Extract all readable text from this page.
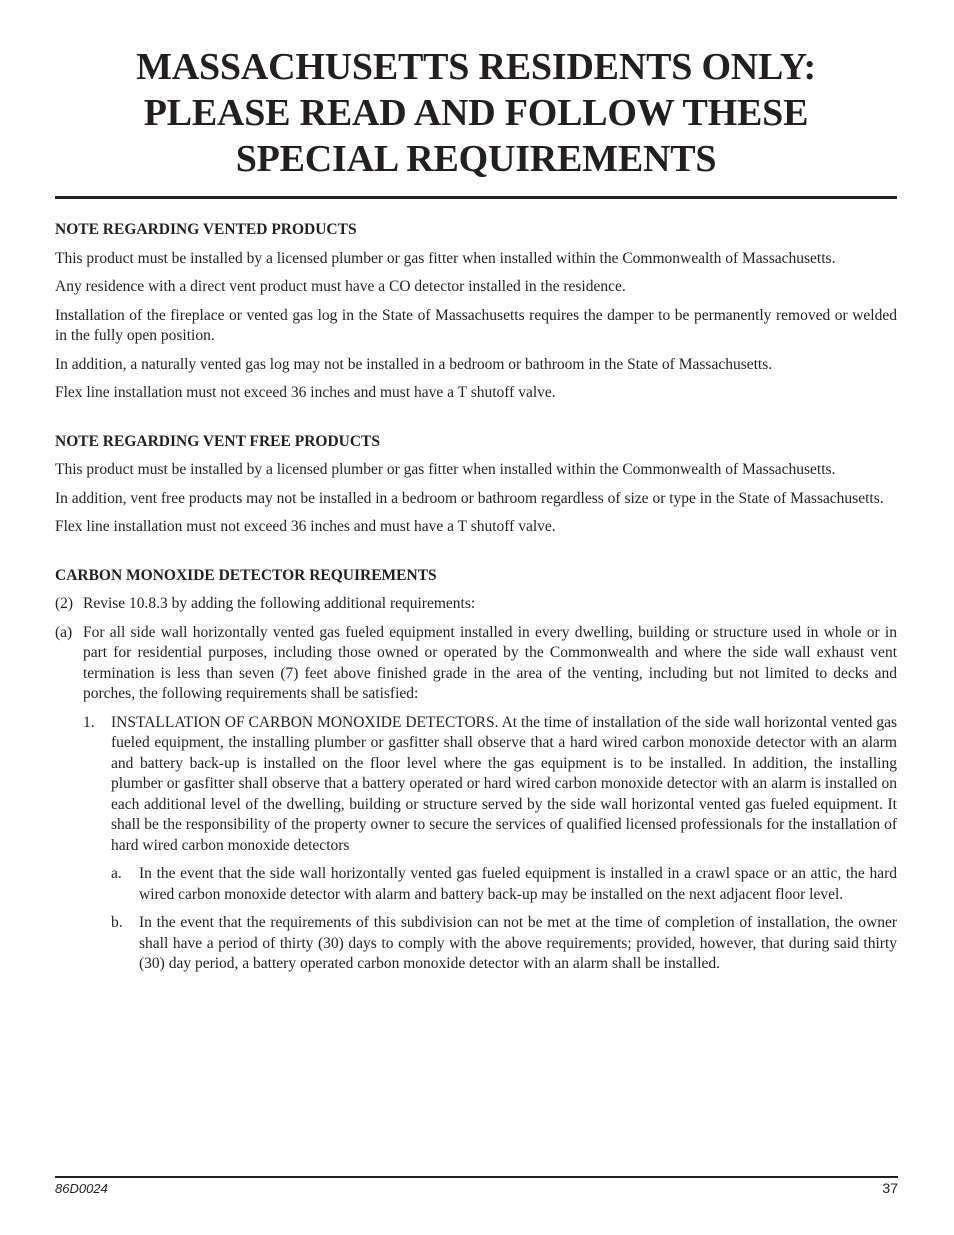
MASSACHUSETTS RESIDENTS ONLY:
PLEASE READ AND FOLLOW THESE
SPECIAL REQUIREMENTS
NOTE REGARDING VENTED PRODUCTS

This product must be installed by a licensed plumber or gas fitter when installed within the Commonwealth of Massachusetts.

Any residence with a direct vent product must have a CO detector installed in the residence.

Installation of the fireplace or vented gas log in the State of Massachusetts requires the damper to be permanently removed or welded in the fully open position.

In addition, a naturally vented gas log may not be installed in a bedroom or bathroom in the State of Massachusetts.

Flex line installation must not exceed 36 inches and must have a T shutoff valve.

NOTE REGARDING VENT FREE PRODUCTS

This product must be installed by a licensed plumber or gas fitter when installed within the Commonwealth of Massachusetts.

In addition, vent free products may not be installed in a bedroom or bathroom regardless of size or type in the State of Massachusetts.

Flex line installation must not exceed 36 inches and must have a T shutoff valve.

CARBON MONOXIDE DETECTOR REQUIREMENTS
(2) Revise 10.8.3 by adding the following additional requirements:
(a) For all side wall horizontally vented gas fueled equipment installed in every dwelling, building or structure used in whole or in part for residential purposes, including those owned or operated by the Commonwealth and where the side wall exhaust vent termination is less than seven (7) feet above finished grade in the area of the venting, including but not limited to decks and porches, the following requirements shall be satisfied:
1.	INSTALLATION OF CARBON MONOXIDE DETECTORS. At the time of installation of the side wall horizontal vented gas fueled equipment, the installing plumber or gasfitter shall observe that a hard wired carbon monoxide detector with an alarm and battery back-up is installed on the floor level where the gas equipment is to be installed. In addition, the installing plumber or gasfitter shall observe that a battery operated or hard wired carbon monoxide detector with an alarm is installed on each additional level of the dwelling, building or structure served by the side wall horizontal vented gas fueled equipment. It shall be the responsibility of the property owner to secure the services of qualified licensed professionals for the installation of hard wired carbon monoxide detectors
a.	In the event that the side wall horizontally vented gas fueled equipment is installed in a crawl space or an attic, the hard wired carbon monoxide detector with alarm and battery back-up may be installed on the next adjacent floor level.
b.	In the event that the requirements of this subdivision can not be met at the time of completion of installation, the owner shall have a period of thirty (30) days to comply with the above requirements; provided, however, that during said thirty (30) day period, a battery operated carbon monoxide detector with an alarm shall be installed.
86D0024	37
